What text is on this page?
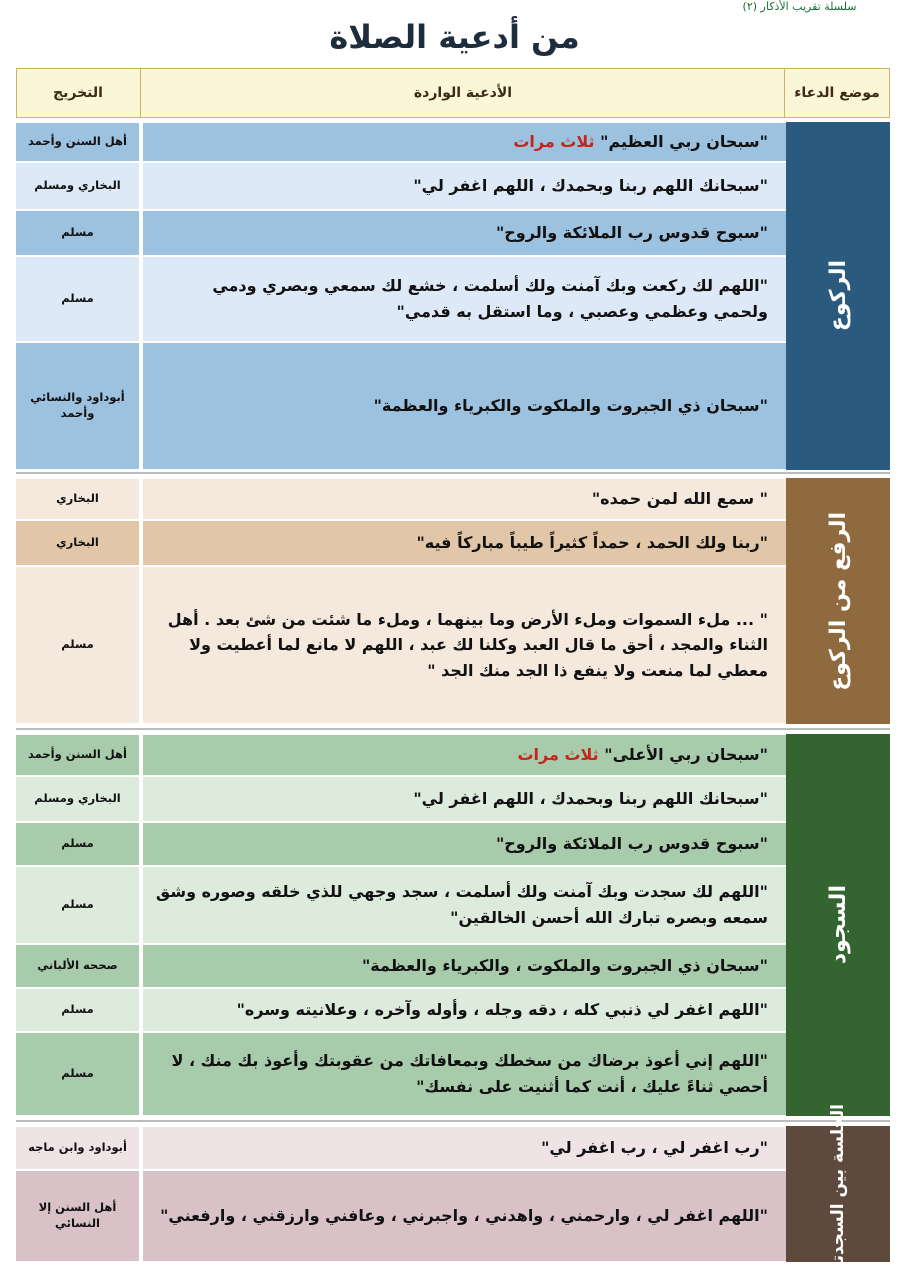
سلسلة تقريب الأذكار (٢)
من أدعية الصلاة
موضع الدعاء
الأدعية الواردة
التخريج
الركوع
"سبحان ربي العظيم"

ثلاث مرات
أهل السنن وأحمد
"سبحانك اللهم ربنا وبحمدك ، اللهم اغفر لي"
البخاري ومسلم
"سبوح قدوس رب الملائكة والروح"
مسلم
"اللهم لك ركعت وبك آمنت ولك أسلمت ، خشع لك سمعي وبصري ودمي ولحمي وعظمي وعصبي ، وما استقل به قدمي"
مسلم
"سبحان ذي الجبروت والملكوت والكبرياء والعظمة"
أبوداود والنسائي وأحمد
الرفع من الركوع
" سمع الله لمن حمده"
البخاري
"ربنا ولك الحمد ، حمداً كثيراً طيباً مباركاً فيه"
البخاري
" ... ملء السموات وملء الأرض وما بينهما ، وملء ما شئت من شئ بعد . أهل الثناء والمجد ، أحق ما قال العبد وكلنا لك عبد ، اللهم لا مانع لما أعطيت ولا معطي لما منعت ولا ينفع ذا الجد منك الجد "
مسلم
السجود
"سبحان ربي الأعلى"

ثلاث مرات
أهل السنن وأحمد
"سبحانك اللهم ربنا وبحمدك ، اللهم اغفر لي"
البخاري ومسلم
"سبوح قدوس رب الملائكة والروح"
مسلم
"اللهم لك سجدت وبك آمنت ولك أسلمت ، سجد وجهي للذي خلقه وصوره وشق سمعه وبصره تبارك الله أحسن الخالقين"
مسلم
"سبحان ذي الجبروت والملكوت ، والكبرياء والعظمة"
صححه الألباني
"اللهم اغفر لي ذنبي كله ، دقه وجله ، وأوله وآخره ، وعلانيته وسره"
مسلم
"اللهم إني أعوذ برضاك من سخطك وبمعافاتك من عقوبتك وأعوذ بك منك ، لا أحصي ثناءً عليك ، أنت كما أثنيت على نفسك"
مسلم
الجلسة بين السجدتين
"رب اغفر لي ، رب اغفر لي"
أبوداود وابن ماجه
"اللهم اغفر لي ، وارحمني ، واهدني ، واجبرني ، وعافني وارزقني ، وارفعني"
أهل السنن إلا النسائي
